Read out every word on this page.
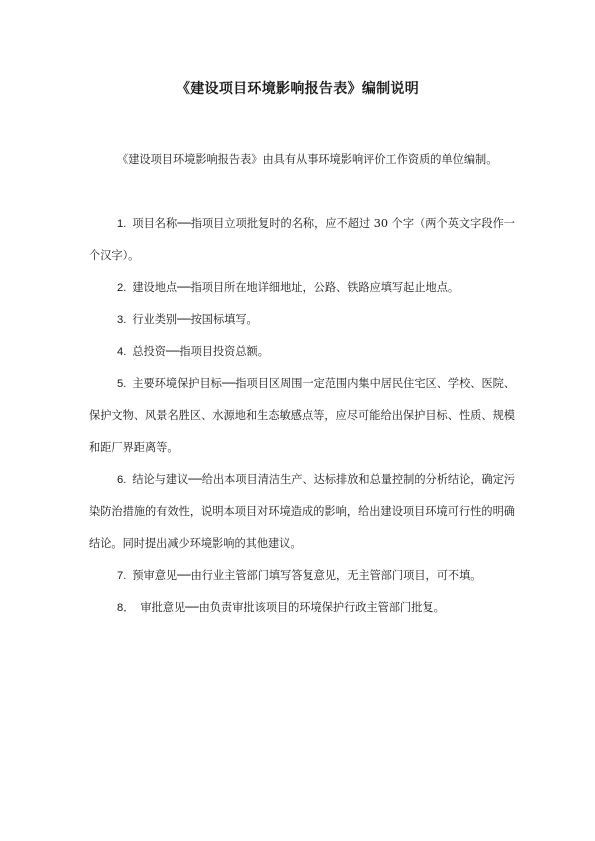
《建设项目环境影响报告表》编制说明

《建设项目环境影响报告表》由具有从事环境影响评价工作资质的单位编制。

1. 项目名称──指项目立项批复时的名称，应不超过 30 个字（两个英文字段作一个汉字）。

2. 建设地点──指项目所在地详细地址，公路、铁路应填写起止地点。

3. 行业类别──按国标填写。

4. 总投资──指项目投资总额。

5. 主要环境保护目标──指项目区周围一定范围内集中居民住宅区、学校、医院、保护文物、风景名胜区、水源地和生态敏感点等，应尽可能给出保护目标、性质、规模和距厂界距离等。

6. 结论与建议──给出本项目清洁生产、达标排放和总量控制的分析结论，确定污染防治措施的有效性，说明本项目对环境造成的影响，给出建设项目环境可行性的明确结论。同时提出减少环境影响的其他建议。

7. 预审意见──由行业主管部门填写答复意见，无主管部门项目，可不填。

8． 审批意见──由负责审批该项目的环境保护行政主管部门批复。
